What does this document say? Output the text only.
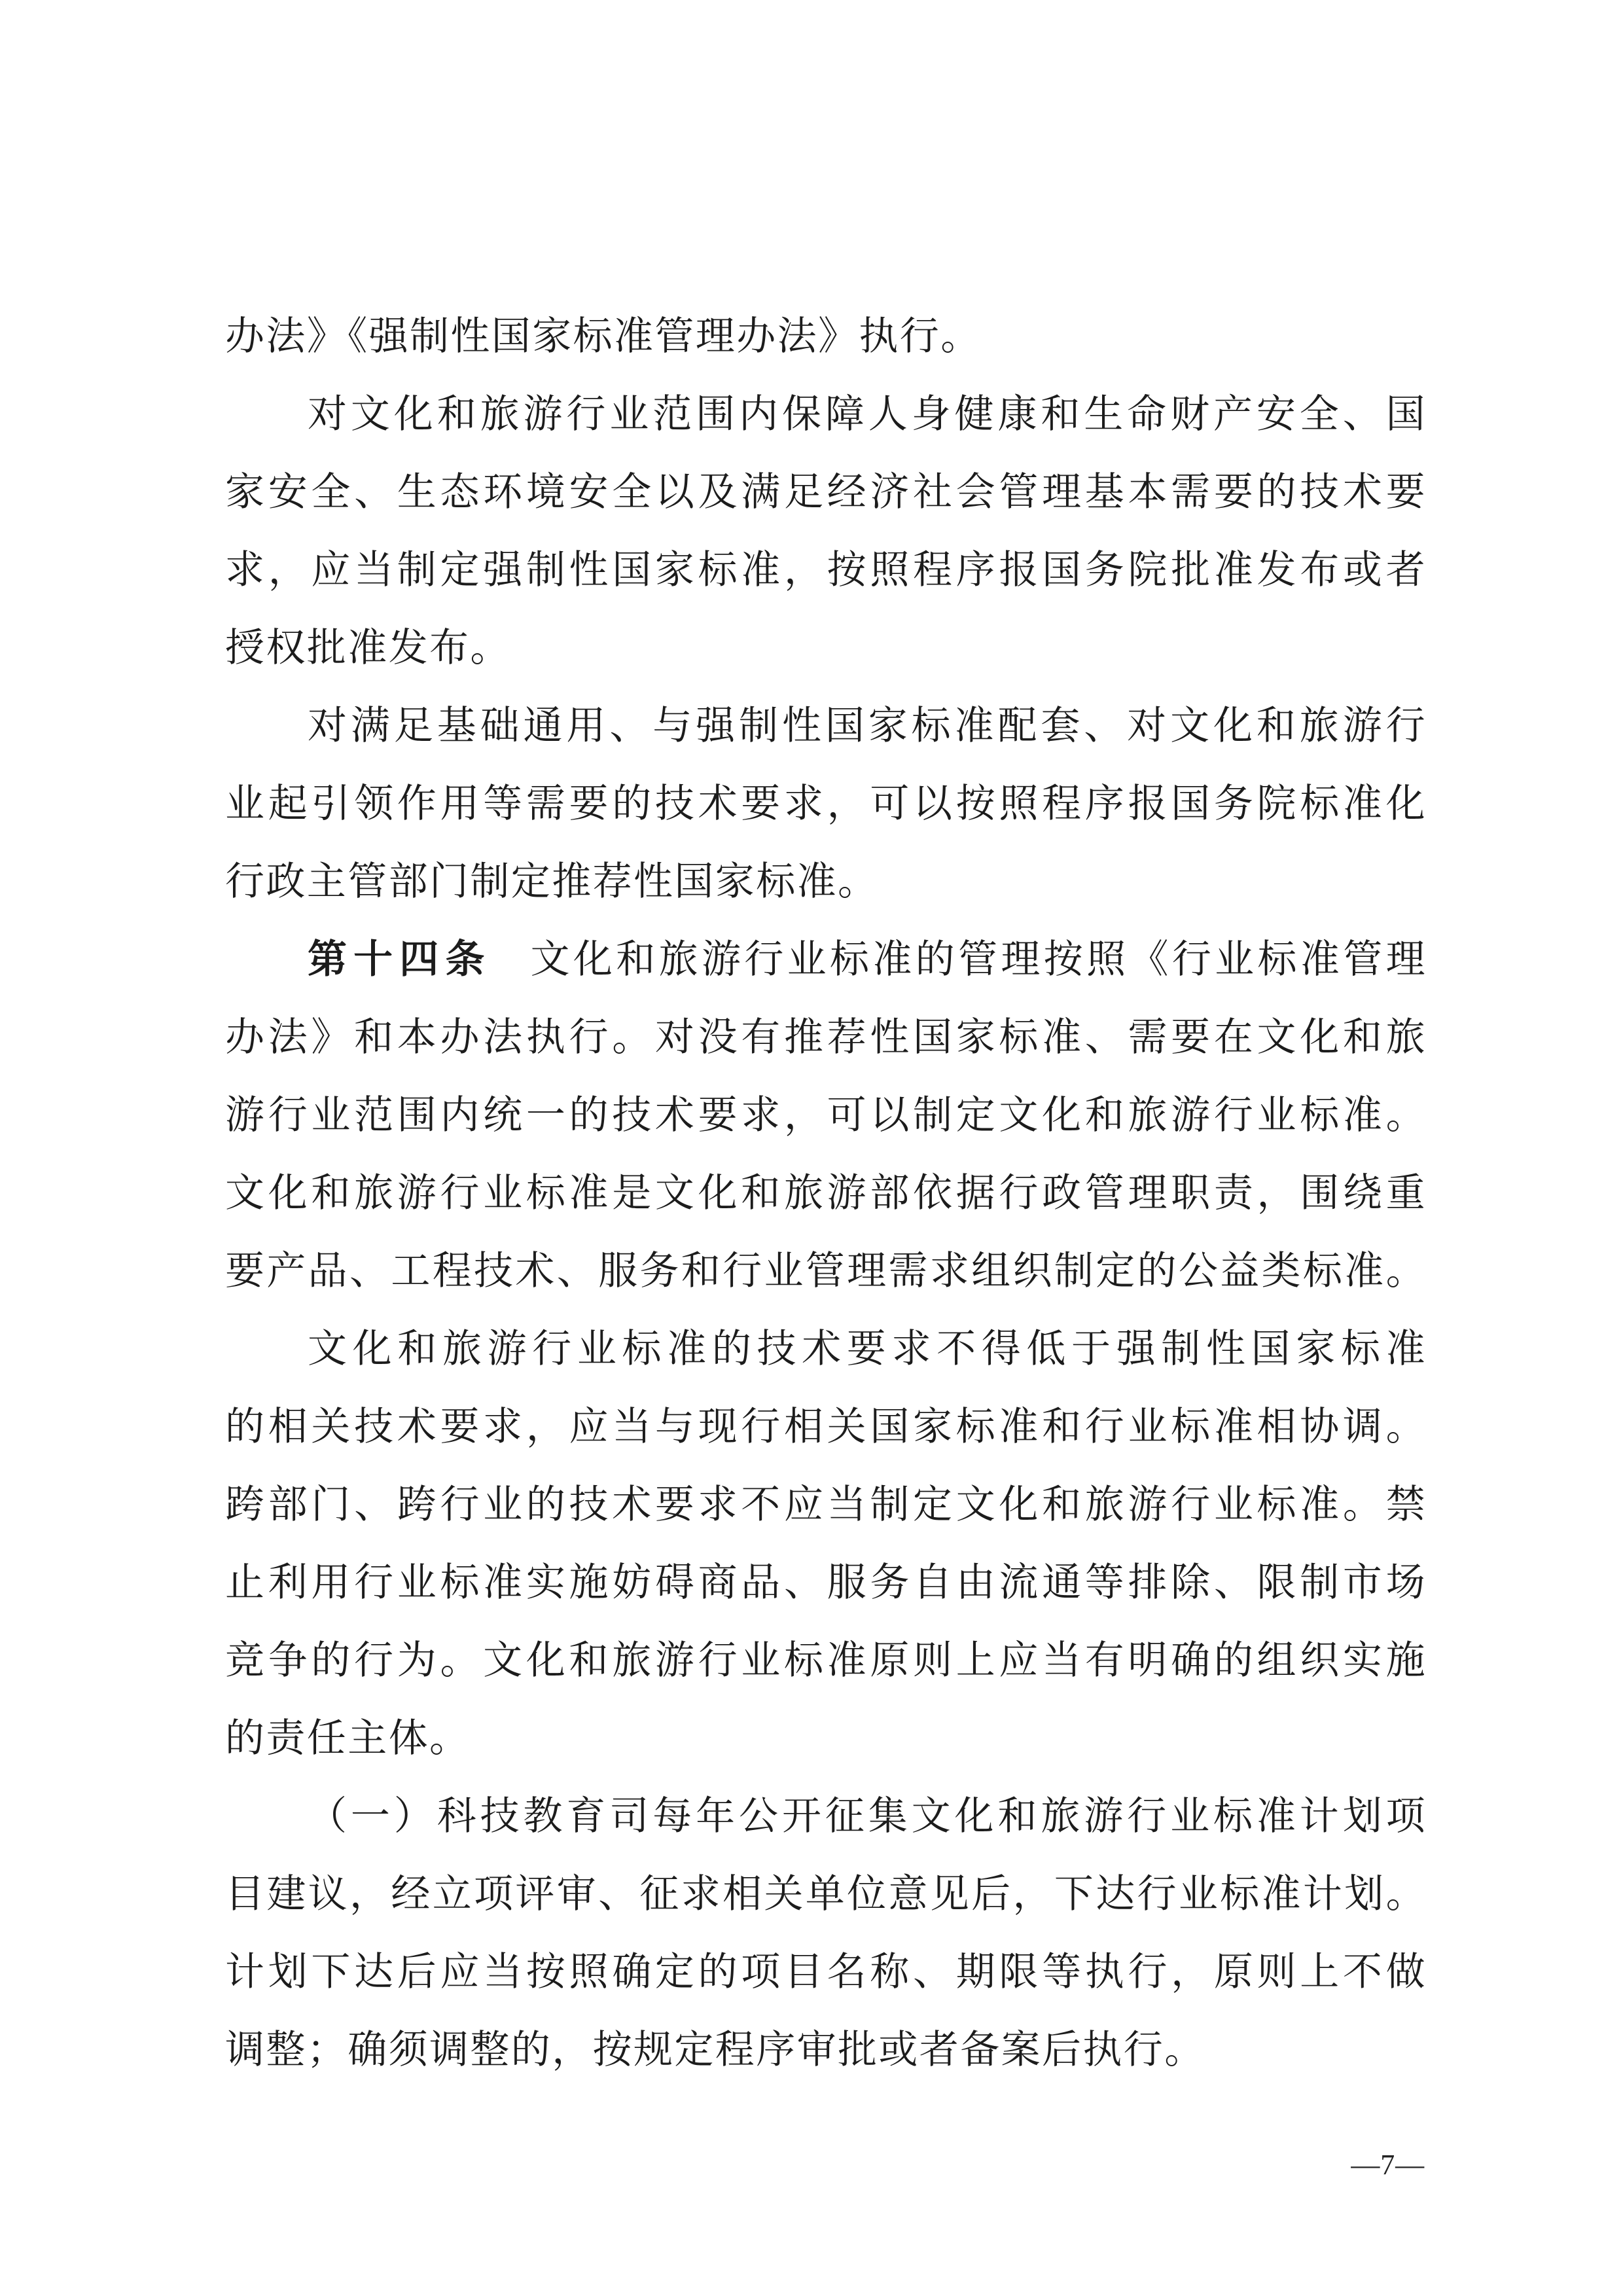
办法》《强制性国家标准管理办法》执行。
对文化和旅游行业范围内保障人身健康和生命财产安全、国
家安全、生态环境安全以及满足经济社会管理基本需要的技术要
求，应当制定强制性国家标准，按照程序报国务院批准发布或者
授权批准发布。
对满足基础通用、与强制性国家标准配套、对文化和旅游行
业起引领作用等需要的技术要求，可以按照程序报国务院标准化
行政主管部门制定推荐性国家标准。
第十四条 文化和旅游行业标准的管理按照《行业标准管理
办法》和本办法执行。对没有推荐性国家标准、需要在文化和旅
游行业范围内统一的技术要求，可以制定文化和旅游行业标准。
文化和旅游行业标准是文化和旅游部依据行政管理职责，围绕重
要产品、工程技术、服务和行业管理需求组织制定的公益类标准。
文化和旅游行业标准的技术要求不得低于强制性国家标准
的相关技术要求，应当与现行相关国家标准和行业标准相协调。
跨部门、跨行业的技术要求不应当制定文化和旅游行业标准。禁
止利用行业标准实施妨碍商品、服务自由流通等排除、限制市场
竞争的行为。文化和旅游行业标准原则上应当有明确的组织实施
的责任主体。
（一）科技教育司每年公开征集文化和旅游行业标准计划项
目建议，经立项评审、征求相关单位意见后，下达行业标准计划。
计划下达后应当按照确定的项目名称、期限等执行，原则上不做
调整；确须调整的，按规定程序审批或者备案后执行。
—7—
